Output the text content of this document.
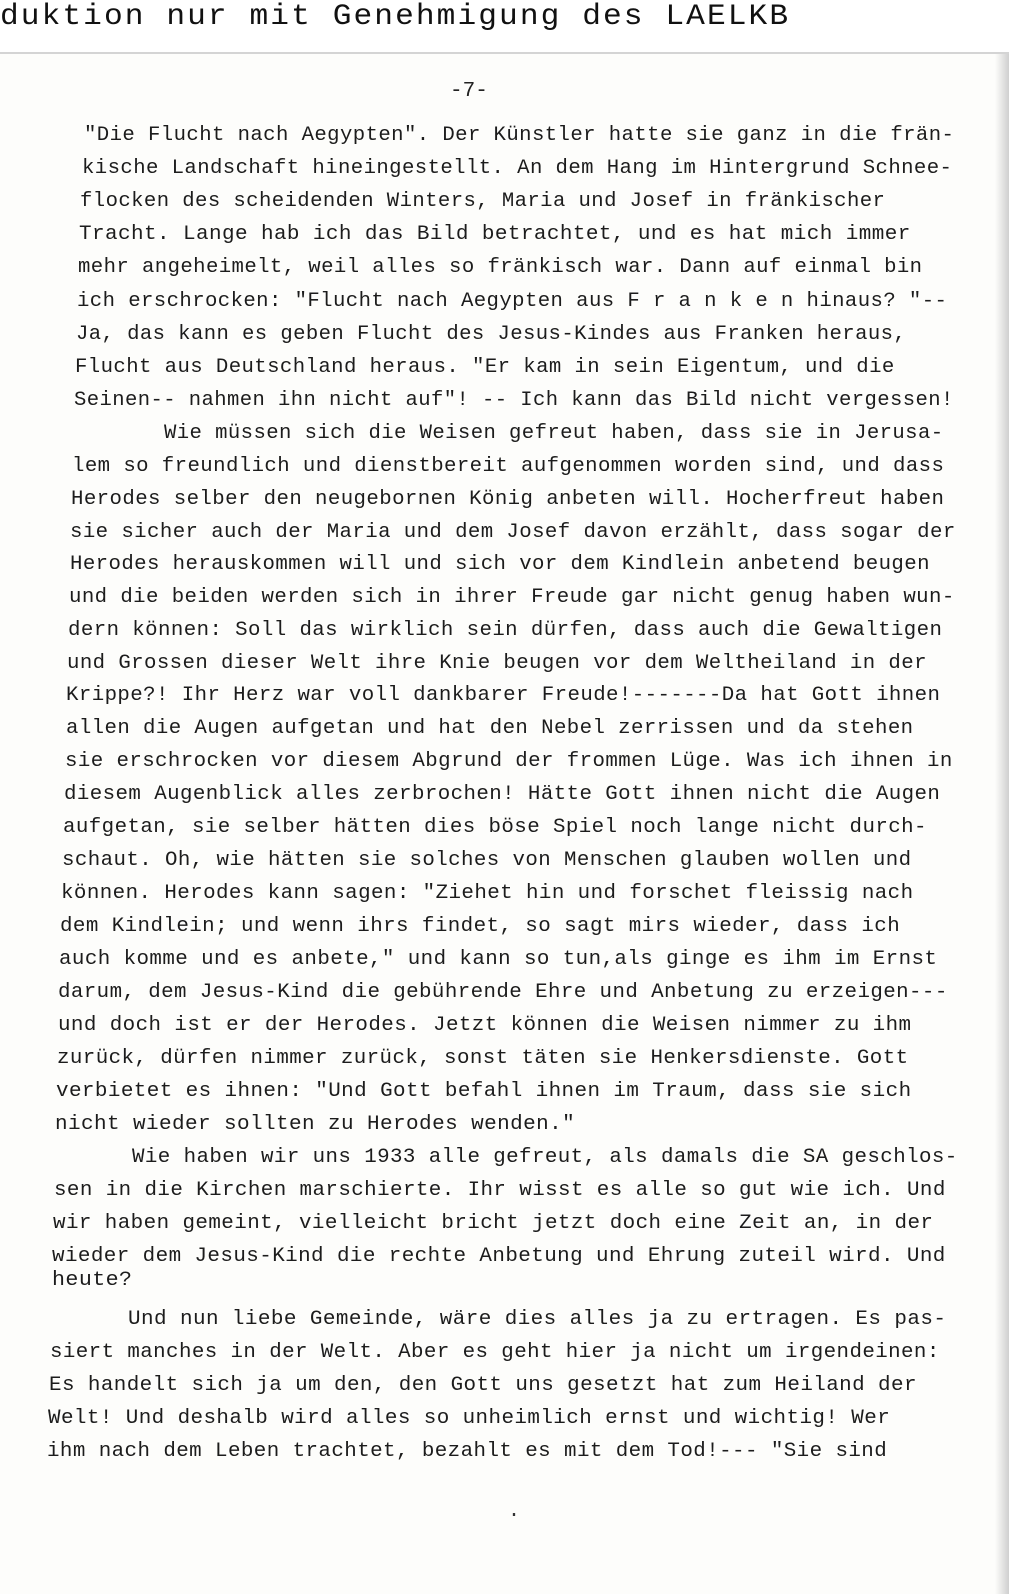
duktion nur mit Genehmigung des LAELKB

-7-

"Die Flucht nach Aegypten". Der Künstler hatte sie ganz in die frän-

kische Landschaft hineingestellt. An dem Hang im Hintergrund Schnee-

flocken des scheidenden Winters, Maria und Josef in fränkischer

Tracht. Lange hab ich das Bild betrachtet, und es hat mich immer

mehr angeheimelt, weil alles so fränkisch war. Dann auf einmal bin

ich erschrocken: "Flucht nach Aegypten aus F r a n k e n hinaus? "--

Ja, das kann es geben Flucht des Jesus-Kindes aus Franken heraus,

Flucht aus Deutschland heraus. "Er kam in sein Eigentum, und die

Seinen-- nahmen ihn nicht auf"! -- Ich kann das Bild nicht vergessen!

Wie müssen sich die Weisen gefreut haben, dass sie in Jerusa-

lem so freundlich und dienstbereit aufgenommen worden sind, und dass

Herodes selber den neugebornen König anbeten will. Hocherfreut haben

sie sicher auch der Maria und dem Josef davon erzählt, dass sogar der

Herodes herauskommen will und sich vor dem Kindlein anbetend beugen

und die beiden werden sich in ihrer Freude gar nicht genug haben wun-

dern können: Soll das wirklich sein dürfen, dass auch die Gewaltigen

und Grossen dieser Welt ihre Knie beugen vor dem Weltheiland in der

Krippe?! Ihr Herz war voll dankbarer Freude!-------Da hat Gott ihnen

allen die Augen aufgetan und hat den Nebel zerrissen und da stehen

sie erschrocken vor diesem Abgrund der frommen Lüge. Was ich ihnen in

diesem Augenblick alles zerbrochen! Hätte Gott ihnen nicht die Augen

aufgetan, sie selber hätten dies böse Spiel noch lange nicht durch-

schaut. Oh, wie hätten sie solches von Menschen glauben wollen und

können. Herodes kann sagen: "Ziehet hin und forschet fleissig nach

dem Kindlein; und wenn ihrs findet, so sagt mirs wieder, dass ich

auch komme und es anbete," und kann so tun,als ginge es ihm im Ernst

darum, dem Jesus-Kind die gebührende Ehre und Anbetung zu erzeigen---

und doch ist er der Herodes. Jetzt können die Weisen nimmer zu ihm

zurück, dürfen nimmer zurück, sonst täten sie Henkersdienste. Gott

verbietet es ihnen: "Und Gott befahl ihnen im Traum, dass sie sich

nicht wieder sollten zu Herodes wenden."

Wie haben wir uns 1933 alle gefreut, als damals die SA geschlos-

sen in die Kirchen marschierte. Ihr wisst es alle so gut wie ich. Und

wir haben gemeint, vielleicht bricht jetzt doch eine Zeit an, in der

wieder dem Jesus-Kind die rechte Anbetung und Ehrung zuteil wird. Und

heute?

Und nun liebe Gemeinde, wäre dies alles ja zu ertragen. Es pas-

siert manches in der Welt. Aber es geht hier ja nicht um irgendeinen:

Es handelt sich ja um den, den Gott uns gesetzt hat zum Heiland der

Welt! Und deshalb wird alles so unheimlich ernst und wichtig! Wer

ihm nach dem Leben trachtet, bezahlt es mit dem Tod!--- "Sie sind

.
